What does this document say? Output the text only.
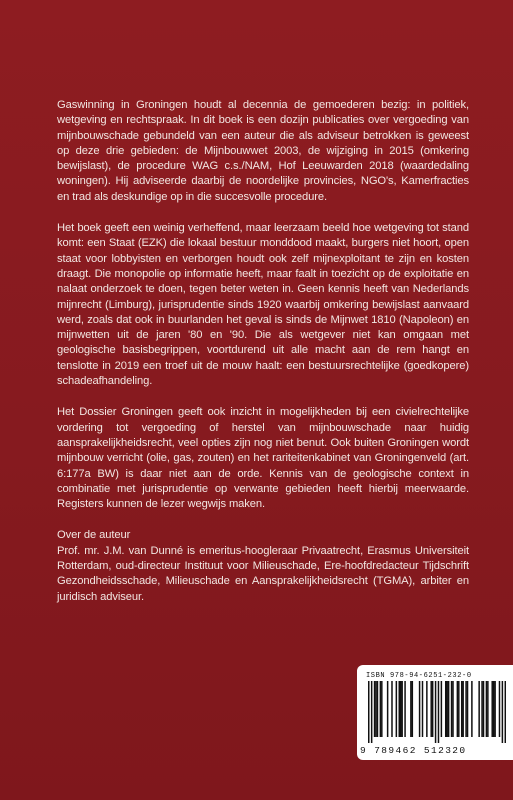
Gaswinning in Groningen houdt al decennia de gemoederen bezig: in politiek, wetgeving en rechtspraak. In dit boek is een dozijn publicaties over vergoeding van mijnbouwschade gebundeld van een auteur die als adviseur betrokken is geweest op deze drie gebieden: de Mijnbouwwet 2003, de wijziging in 2015 (omkering bewijslast), de procedure WAG c.s./NAM, Hof Leeuwarden 2018 (waardedaling woningen). Hij adviseerde daarbij de noordelijke provincies, NGO's, Kamerfracties en trad als deskundige op in die succesvolle procedure.

Het boek geeft een weinig verheffend, maar leerzaam beeld hoe wetgeving tot stand komt: een Staat (EZK) die lokaal bestuur monddood maakt, burgers niet hoort, open staat voor lobbyisten en verborgen houdt ook zelf mijnexploitant te zijn en kosten draagt. Die monopolie op informatie heeft, maar faalt in toezicht op de exploitatie en nalaat onderzoek te doen, tegen beter weten in. Geen kennis heeft van Nederlands mijnrecht (Limburg), jurisprudentie sinds 1920 waarbij omkering bewijslast aanvaard werd, zoals dat ook in buurlanden het geval is sinds de Mijnwet 1810 (Napoleon) en mijnwetten uit de jaren '80 en '90. Die als wetgever niet kan omgaan met geologische basisbegrippen, voortdurend uit alle macht aan de rem hangt en tenslotte in 2019 een troef uit de mouw haalt: een bestuursrechtelijke (goedkopere) schadeafhandeling.

Het Dossier Groningen geeft ook inzicht in mogelijkheden bij een civielrechtelijke vordering tot vergoeding of herstel van mijnbouwschade naar huidig aansprakelijkheidsrecht, veel opties zijn nog niet benut. Ook buiten Groningen wordt mijnbouw verricht (olie, gas, zouten) en het rariteitenkabinet van Groningenveld (art. 6:177a BW) is daar niet aan de orde. Kennis van de geologische context in combinatie met jurisprudentie op verwante gebieden heeft hierbij meerwaarde. Registers kunnen de lezer wegwijs maken.

Over de auteur

Prof. mr. J.M. van Dunné is emeritus-hoogleraar Privaatrecht, Erasmus Universiteit Rotterdam, oud-directeur Instituut voor Milieuschade, Ere-hoofdredacteur Tijdschrift Gezondheidsschade, Milieuschade en Aansprakelijkheidsrecht (TGMA), arbiter en juridisch adviseur.

ISBN 978-94-6251-232-0
9 789462 512320
